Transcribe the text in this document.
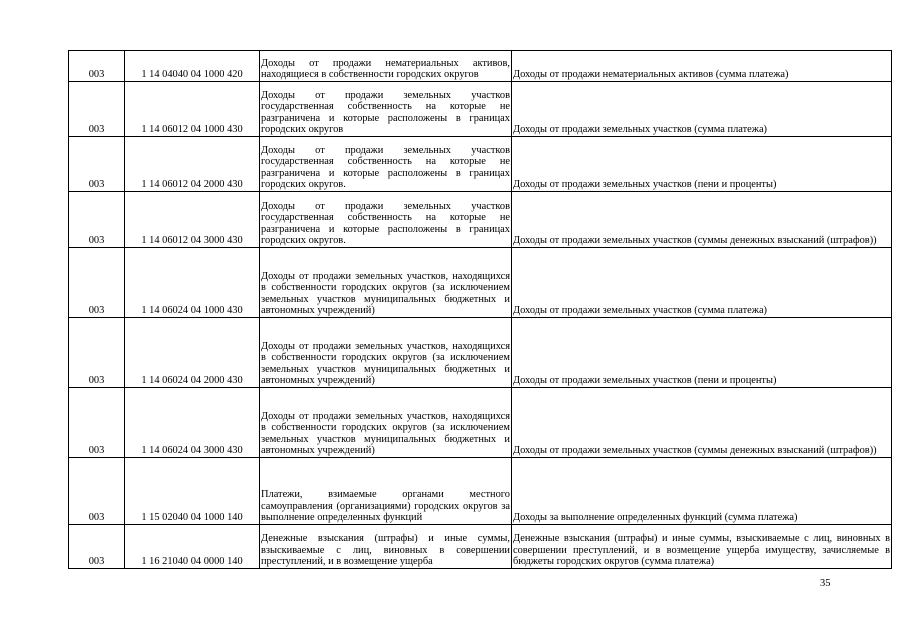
003	1 14 04040 04 1000 420	Доходы от продажи нематериальных активов, находящиеся в собственности городских округов	Доходы от продажи нематериальных активов (сумма платежа)
003	1 14 06012 04 1000 430	Доходы от продажи земельных участков государственная собственность на которые не разграничена и которые расположены в границах городских округов	Доходы от продажи земельных участков (сумма платежа)
003	1 14 06012 04 2000 430	Доходы от продажи земельных участков государственная собственность на которые не разграничена и которые расположены в границах городских округов.	Доходы от продажи земельных участков (пени и проценты)
003	1 14 06012 04 3000 430	Доходы от продажи земельных участков государственная собственность на которые не разграничена и которые расположены в границах городских округов.	Доходы от продажи земельных участков (суммы денежных взысканий (штрафов))
003	1 14 06024 04 1000 430	Доходы от продажи земельных участков, находящихся в собственности городских округов (за исключением земельных участков муниципальных бюджетных и автономных учреждений)	Доходы от продажи земельных участков (сумма платежа)
003	1 14 06024 04 2000 430	Доходы от продажи земельных участков, находящихся в собственности городских округов (за исключением земельных участков муниципальных бюджетных и автономных учреждений)	Доходы от продажи земельных участков (пени и проценты)
003	1 14 06024 04 3000 430	Доходы от продажи земельных участков, находящихся в собственности городских округов (за исключением земельных участков муниципальных бюджетных и автономных учреждений)	Доходы от продажи земельных участков (суммы денежных взысканий (штрафов))
003	1 15 02040 04 1000 140	Платежи, взимаемые органами местного самоуправления (организациями) городских округов за выполнение определенных функций	Доходы за выполнение определенных функций (сумма платежа)
003	1 16 21040 04 0000 140	Денежные взыскания (штрафы) и иные суммы, взыскиваемые с лиц, виновных в совершении преступлений, и в возмещение ущерба	Денежные взыскания (штрафы) и иные суммы, взыскиваемые с лиц, виновных в совершении преступлений, и в возмещение ущерба имуществу, зачисляемые в бюджеты городских округов (сумма платежа)
35
